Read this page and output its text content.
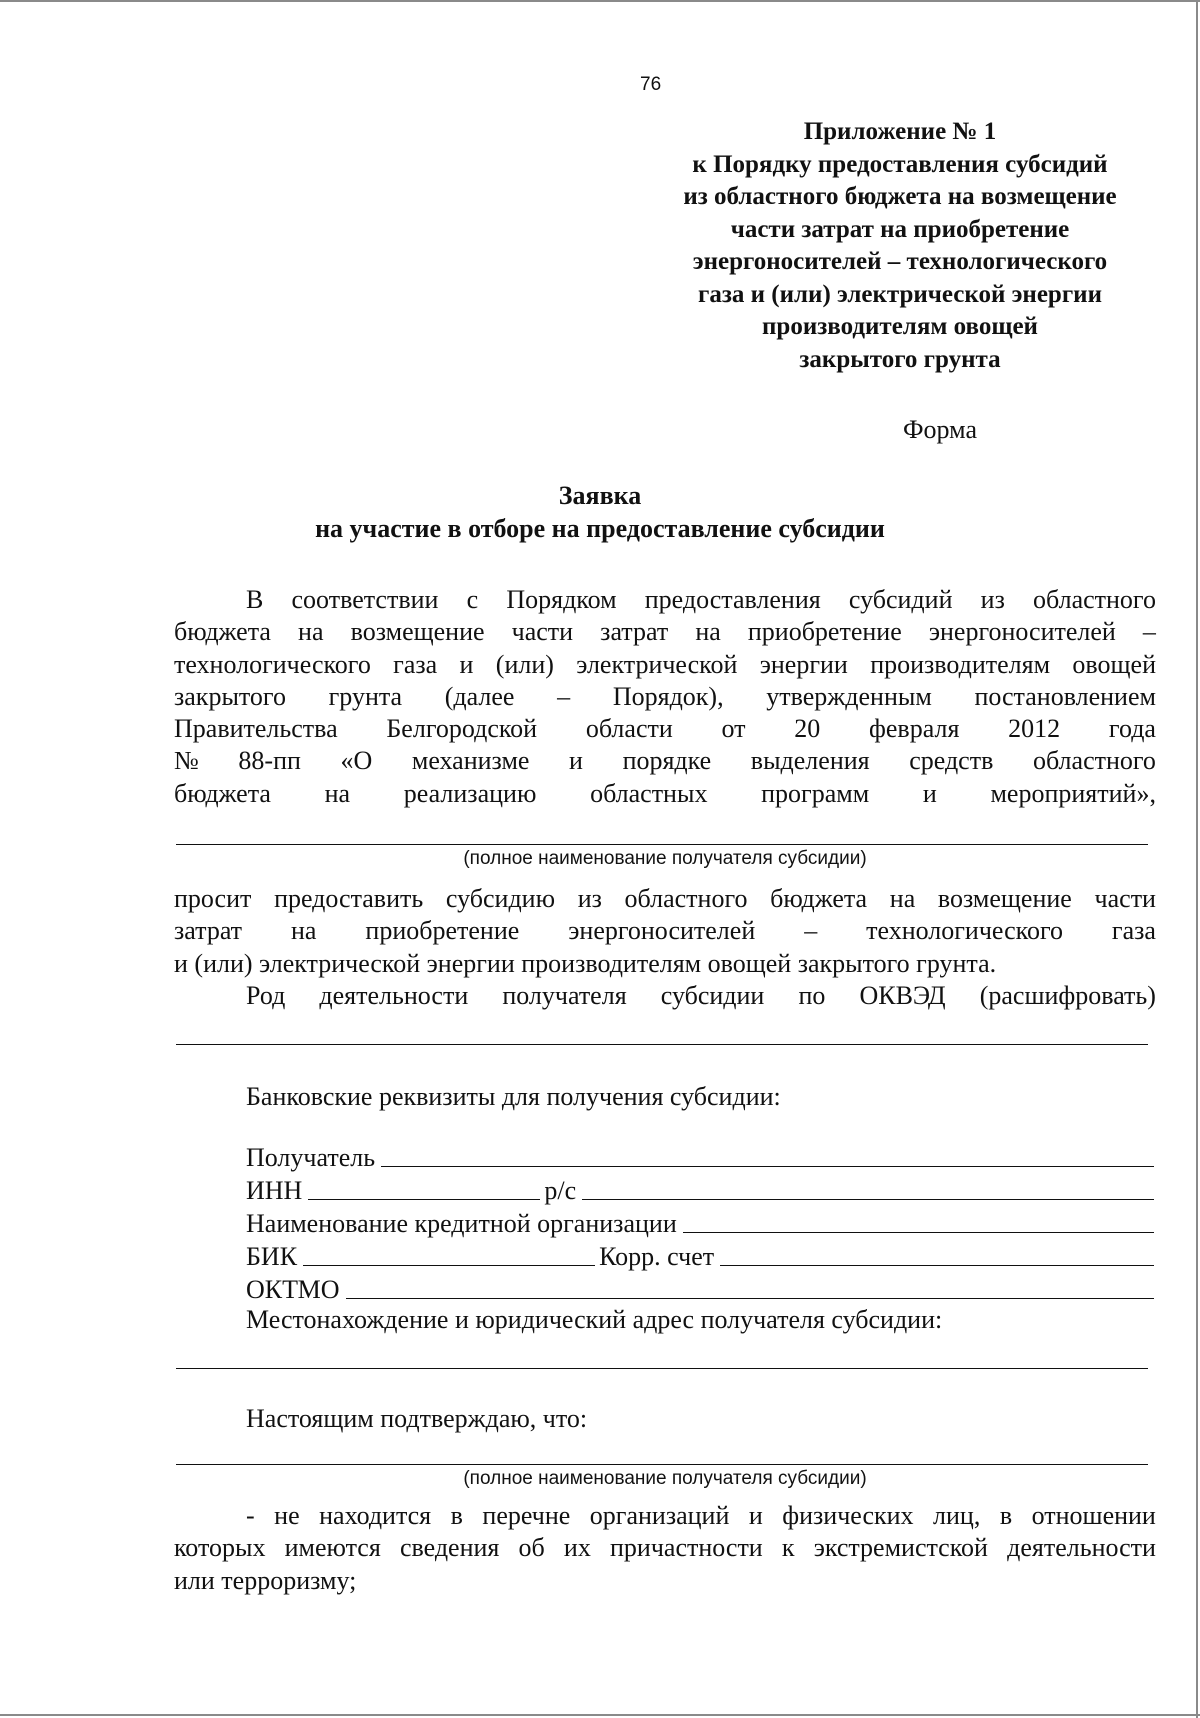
76
Приложение № 1
к Порядку предоставления субсидий
из областного бюджета на возмещение
части затрат на приобретение
энергоносителей – технологического
газа и (или) электрической энергии
производителям овощей
закрытого грунта
Форма
Заявка
на участие в отборе на предоставление субсидии
В соответствии с Порядком предоставления субсидий из областного
бюджета на возмещение части затрат на приобретение энергоносителей –
технологического газа и (или) электрической энергии производителям овощей
закрытого грунта (далее – Порядок), утвержденным постановлением
Правительства Белгородской области от 20 февраля 2012 года
№ 88-пп «О механизме и порядке выделения средств областного
бюджета на реализацию областных программ и мероприятий»,
(полное наименование получателя субсидии)
просит предоставить субсидию из областного бюджета на возмещение части
затрат на приобретение энергоносителей – технологического газа
и (или) электрической энергии производителям овощей закрытого грунта.
Род деятельности получателя субсидии по ОКВЭД (расшифровать)
Банковские реквизиты для получения субсидии:
Получатель
ИНН	р/с
Наименование кредитной организации
БИК	Корр. счет
ОКТМО
Местонахождение и юридический адрес получателя субсидии:
Настоящим подтверждаю, что:
(полное наименование получателя субсидии)
- не находится в перечне организаций и физических лиц, в отношении
которых имеются сведения об их причастности к экстремистской деятельности
или терроризму;
